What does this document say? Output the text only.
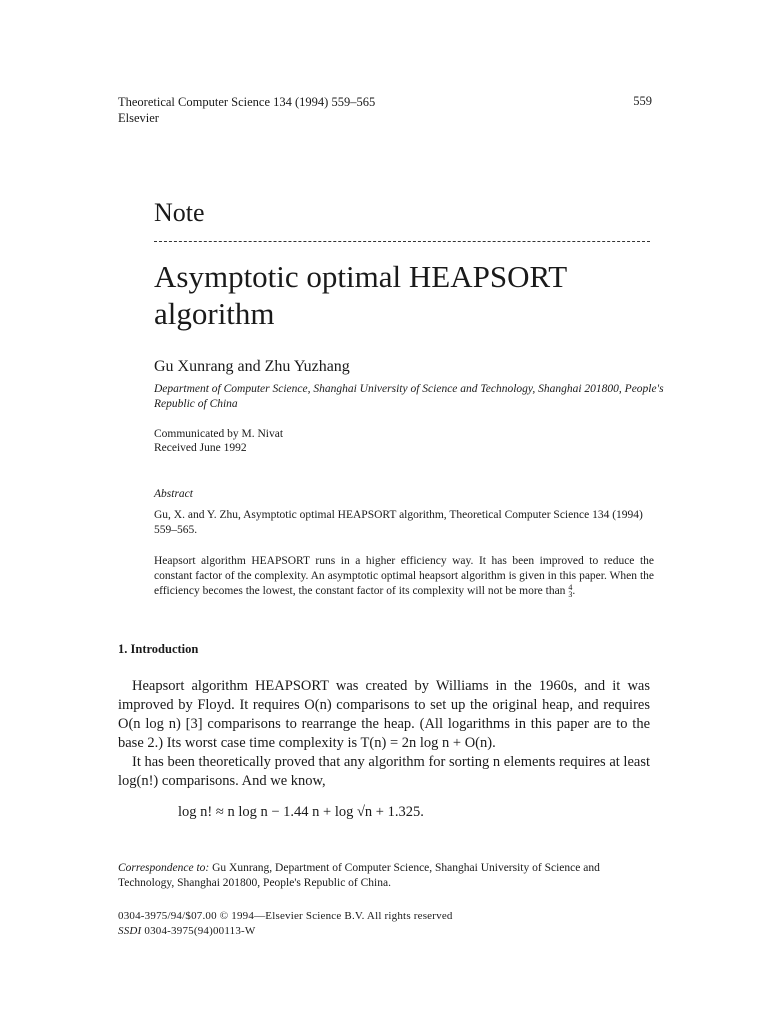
Theoretical Computer Science 134 (1994) 559–565
Elsevier
559
Note
Asymptotic optimal HEAPSORT algorithm
Gu Xunrang and Zhu Yuzhang
Department of Computer Science, Shanghai University of Science and Technology, Shanghai 201800, People's Republic of China
Communicated by M. Nivat
Received June 1992
Abstract
Gu, X. and Y. Zhu, Asymptotic optimal HEAPSORT algorithm, Theoretical Computer Science 134 (1994) 559–565.
Heapsort algorithm HEAPSORT runs in a higher efficiency way. It has been improved to reduce the constant factor of the complexity. An asymptotic optimal heapsort algorithm is given in this paper. When the efficiency becomes the lowest, the constant factor of its complexity will not be more than 4
3 .
1. Introduction

Heapsort algorithm HEAPSORT was created by Williams in the 1960s, and it was improved by Floyd. It requires O(n) comparisons to set up the original heap, and requires O(n log n) [3] comparisons to rearrange the heap. (All logarithms in this paper are to the base 2.) Its worst case time complexity is T(n) = 2n log n + O(n).

It has been theoretically proved that any algorithm for sorting n elements requires at least log(n!) comparisons. And we know,

log n! ≈ n log n − 1.44 n + log √n + 1.325.
Correspondence to: Gu Xunrang, Department of Computer Science, Shanghai University of Science and Technology, Shanghai 201800, People's Republic of China.
0304-3975/94/$07.00 © 1994—Elsevier Science B.V. All rights reserved
SSDI 0304-3975(94)00113-W
